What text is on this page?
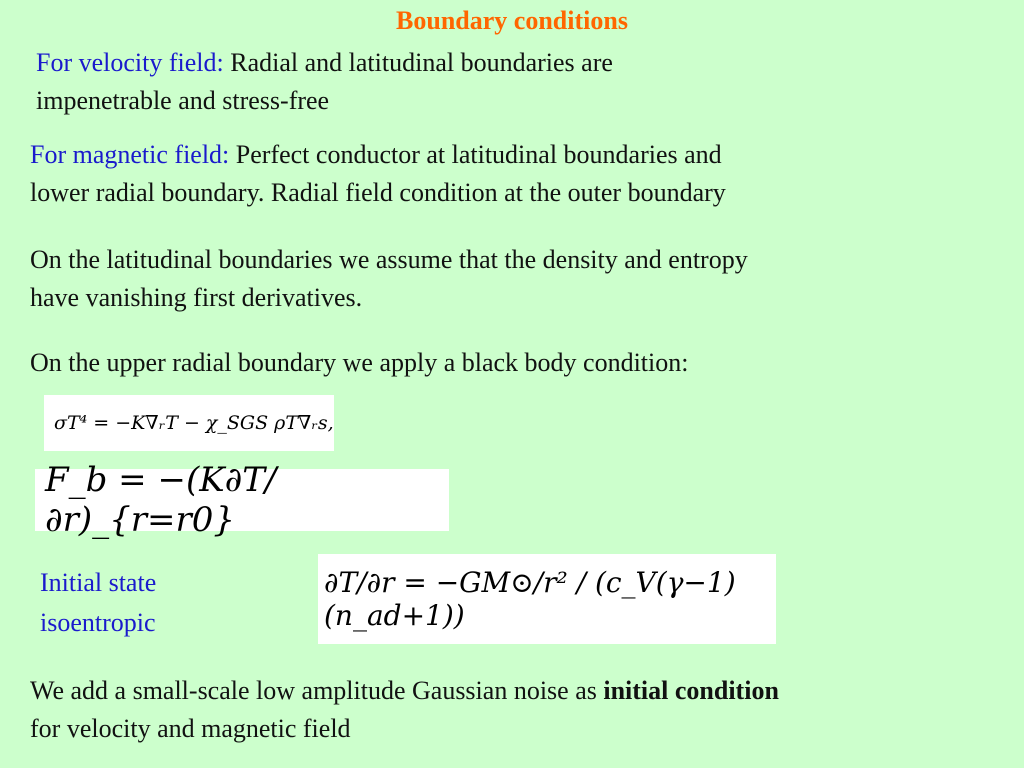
Boundary conditions
For velocity field: Radial and latitudinal boundaries are
impenetrable and stress-free
For magnetic field: Perfect conductor at latitudinal boundaries and
lower radial boundary. Radial field condition at the outer boundary
On the latitudinal boundaries we assume that the density and entropy
have vanishing first derivatives.
On the upper radial boundary we apply a black body condition:
σT⁴ = −K∇ᵣT − χ_SGS ρT∇ᵣs,
F_b = −(K∂T/∂r)_{r=r0}
∂T/∂r = −GM⊙/r² / (c_V(γ−1)(n_ad+1))
Initial state
isoentropic
We add a small-scale low amplitude Gaussian noise as initial condition
for velocity and magnetic field
